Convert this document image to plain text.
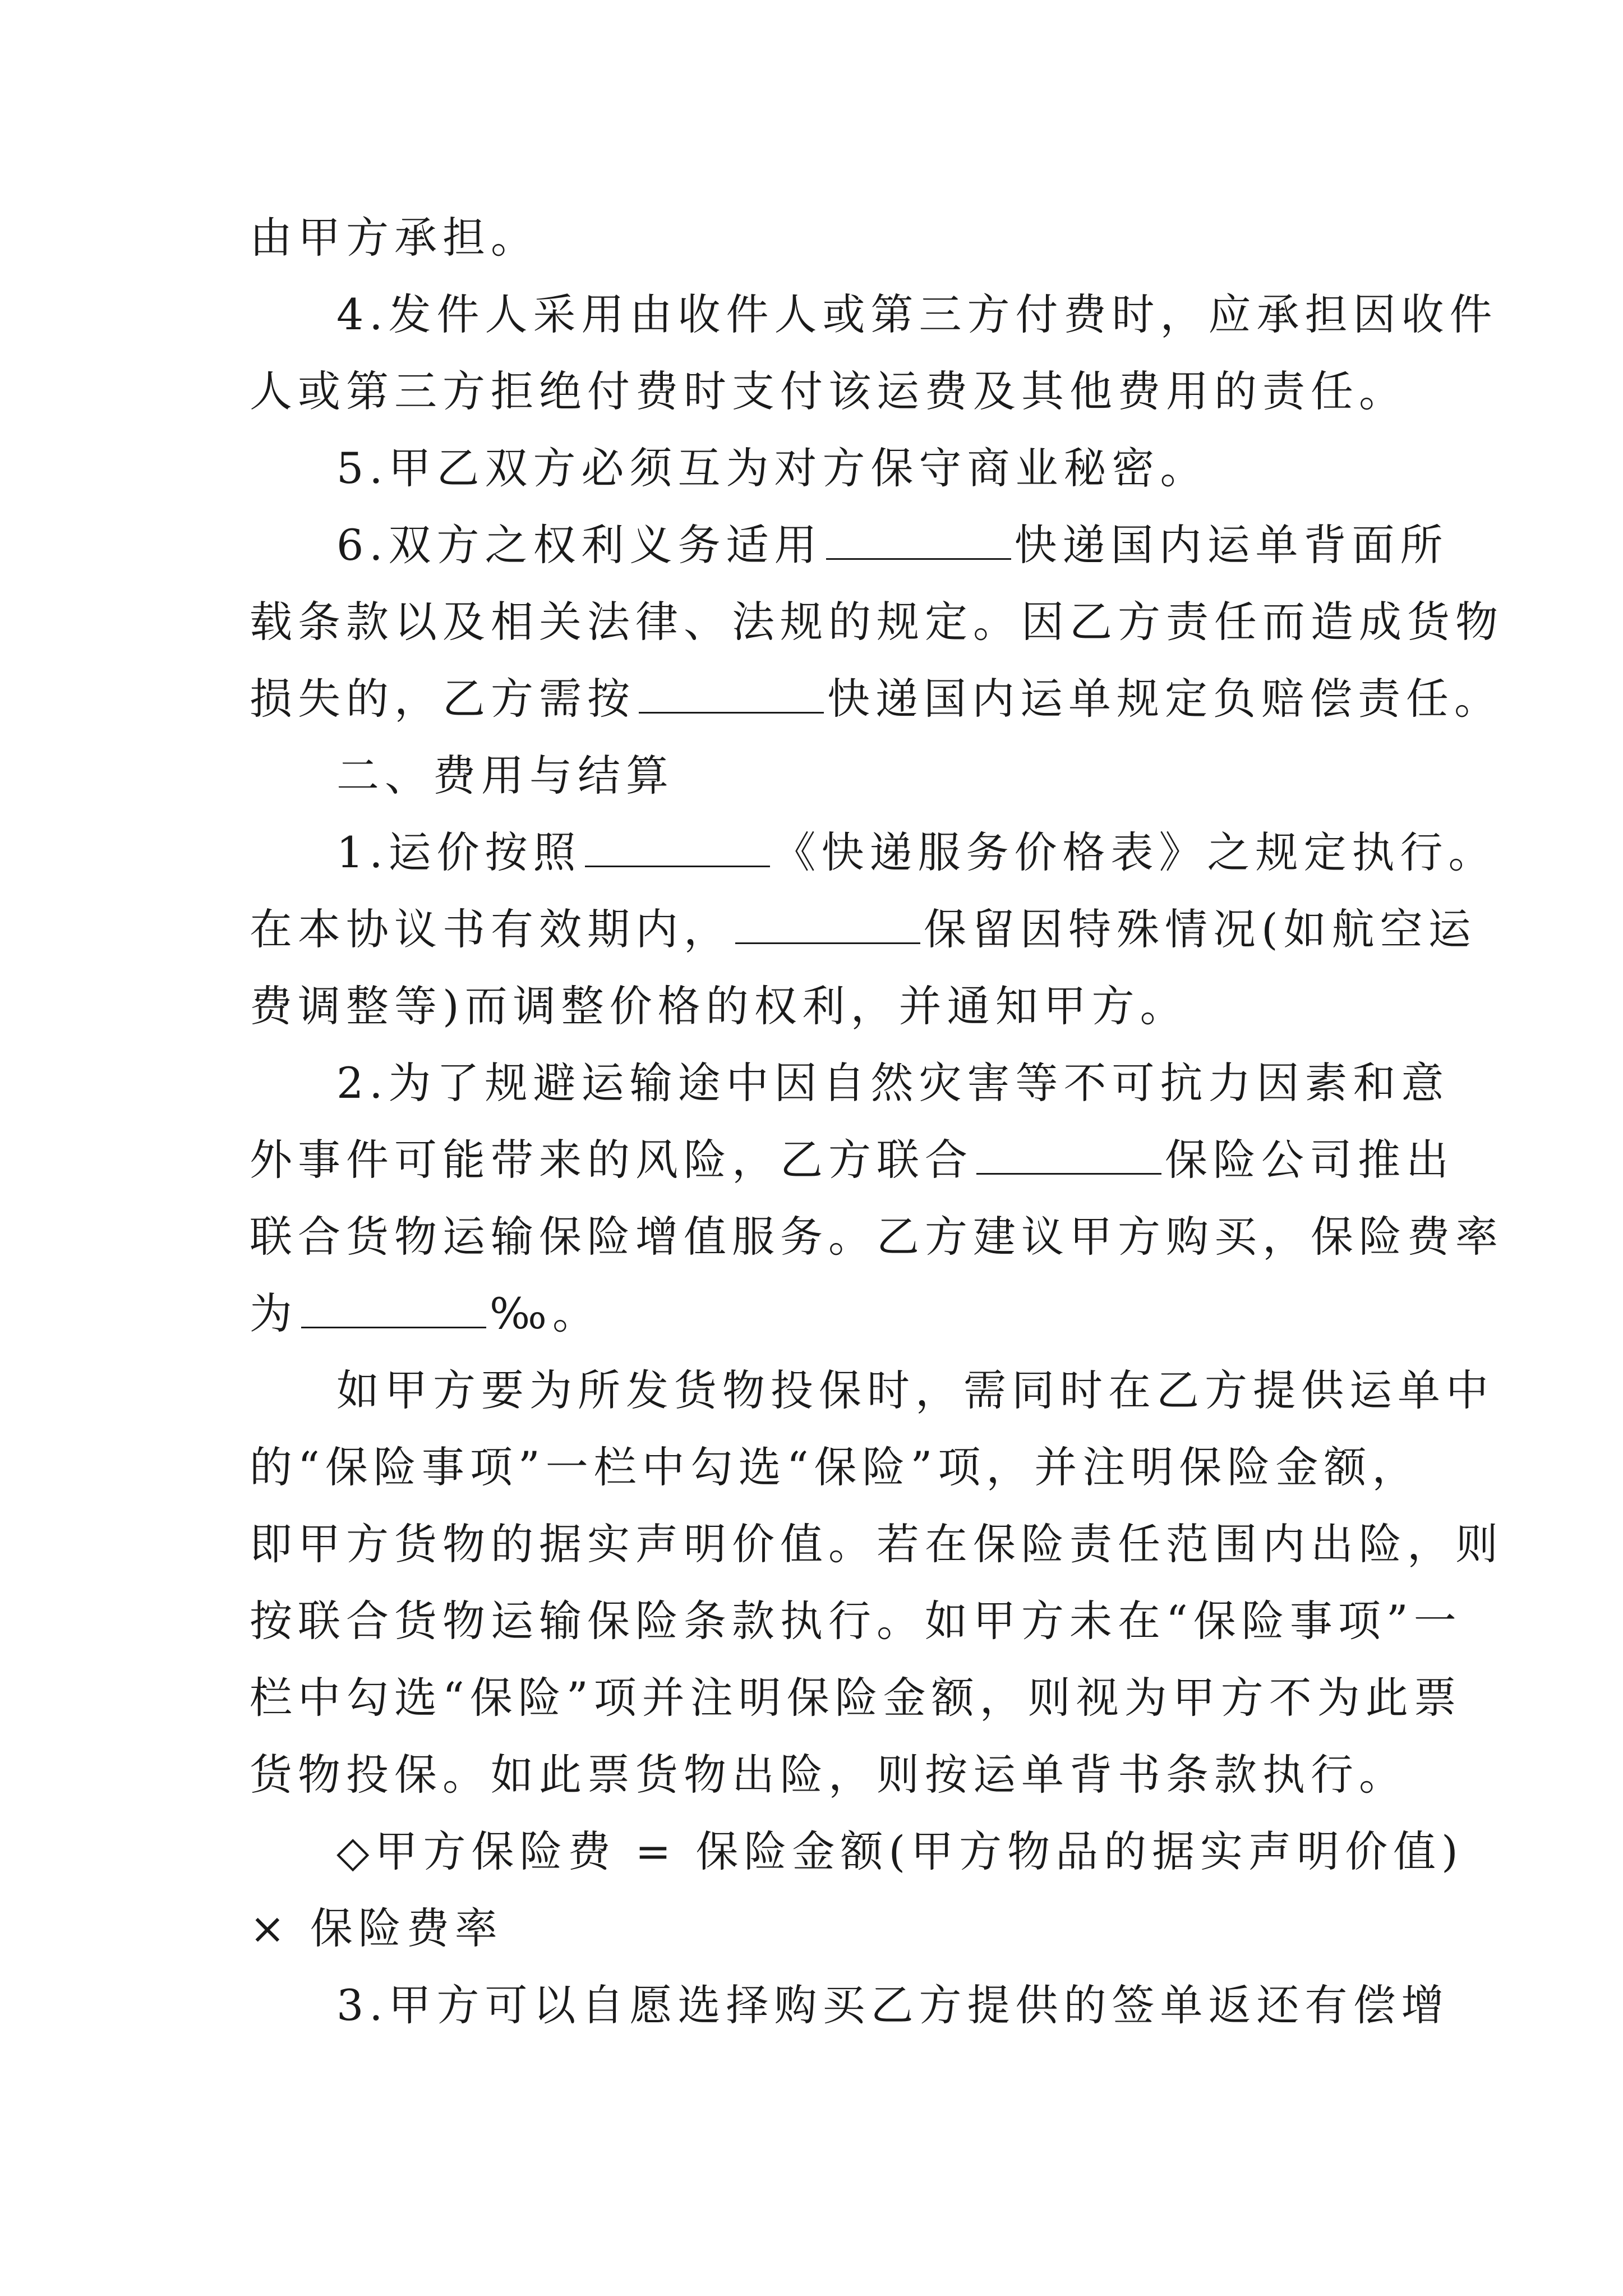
由甲方承担。
4.发件人采用由收件人或第三方付费时，应承担因收件
人或第三方拒绝付费时支付该运费及其他费用的责任。
5.甲乙双方必须互为对方保守商业秘密。
6.双方之权利义务适用	快递国内运单背面所
载条款以及相关法律、法规的规定。因乙方责任而造成货物
损失的，乙方需按	快递国内运单规定负赔偿责任。
二、费用与结算
1.运价按照	《快递服务价格表》之规定执行。
在本协议书有效期内，	保留因特殊情况(如航空运
费调整等)而调整价格的权利，并通知甲方。
2.为了规避运输途中因自然灾害等不可抗力因素和意
外事件可能带来的风险，乙方联合	保险公司推出
联合货物运输保险增值服务。乙方建议甲方购买，保险费率
为	‰。
如甲方要为所发货物投保时，需同时在乙方提供运单中
的“保险事项”一栏中勾选“保险”项，并注明保险金额，
即甲方货物的据实声明价值。若在保险责任范围内出险，则
按联合货物运输保险条款执行。如甲方未在“保险事项”一
栏中勾选“保险”项并注明保险金额，则视为甲方不为此票
货物投保。如此票货物出险，则按运单背书条款执行。
◇甲方保险费 = 保险金额(甲方物品的据实声明价值)
× 保险费率
3.甲方可以自愿选择购买乙方提供的签单返还有偿增
